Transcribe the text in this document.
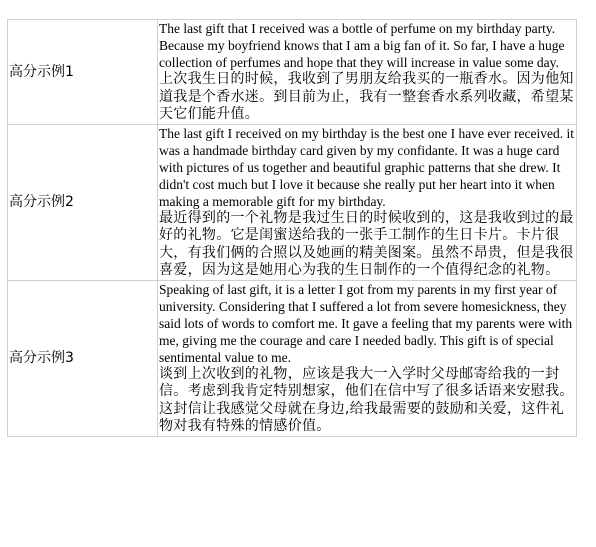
高分示例1	The last gift that I received was a bottle of perfume on my birthday party. Because my boyfriend knows that I am a big fan of it. So far, I have a huge collection of perfumes and hope that they will increase in value some day.
上次我生日的时候，我收到了男朋友给我买的一瓶香水。因为他知道我是个香水迷。到目前为止，我有一整套香水系列收藏，希望某天它们能升值。

高分示例2	The last gift I received on my birthday is the best one I have ever received. it was a handmade birthday card given by my confidante. It was a huge card with pictures of us together and beautiful graphic patterns that she drew. It didn't cost much but I love it because she really put her heart into it when making a memorable gift for my birthday.
最近得到的一个礼物是我过生日的时候收到的，这是我收到过的最好的礼物。它是闺蜜送给我的一张手工制作的生日卡片。卡片很大，有我们俩的合照以及她画的精美图案。虽然不昂贵，但是我很喜爱，因为这是她用心为我的生日制作的一个值得纪念的礼物。

高分示例3	Speaking of last gift, it is a letter I got from my parents in my first year of university. Considering that I suffered a lot from severe homesickness, they said lots of words to comfort me. It gave a feeling that my parents were with me, giving me the courage and care I needed badly. This gift is of special sentimental value to me.
谈到上次收到的礼物，应该是我大一入学时父母邮寄给我的一封信。考虑到我肯定特别想家，他们在信中写了很多话语来安慰我。这封信让我感觉父母就在身边,给我最需要的鼓励和关爱，这件礼物对我有特殊的情感价值。
